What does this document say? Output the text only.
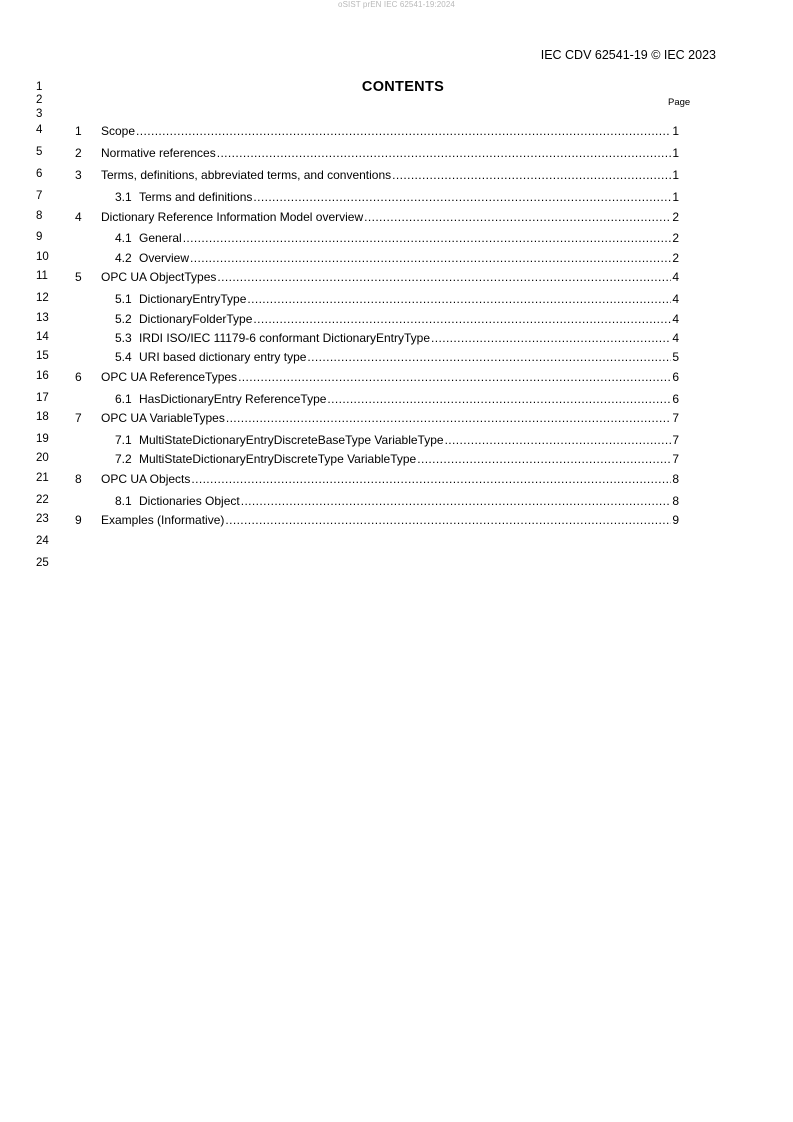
oSIST prEN IEC 62541-19:2024
IEC CDV 62541-19 © IEC 2023
CONTENTS
Page
1
2
3
4
5
6
7
8
9
10
11
12
13
14
15
16
17
18
19
20
21
22
23
24
25
1 Scope .....	1
2 Normative references .....	1
3 Terms, definitions, abbreviated terms, and conventions .....	1
3.1 Terms and definitions .....	1
4 Dictionary Reference Information Model overview .....	2
4.1 General .....	2
4.2 Overview .....	2
5 OPC UA ObjectTypes .....	4
5.1 DictionaryEntryType .....	4
5.2 DictionaryFolderType .....	4
5.3 IRDI ISO/IEC 11179-6 conformant DictionaryEntryType .....	4
5.4 URI based dictionary entry type .....	5
6 OPC UA ReferenceTypes .....	6
6.1 HasDictionaryEntry ReferenceType .....	6
7 OPC UA VariableTypes .....	7
7.1 MultiStateDictionaryEntryDiscreteBaseType VariableType .....	7
7.2 MultiStateDictionaryEntryDiscreteType VariableType .....	7
8 OPC UA Objects .....	8
8.1 Dictionaries Object .....	8
9 Examples (Informative) .....	9
